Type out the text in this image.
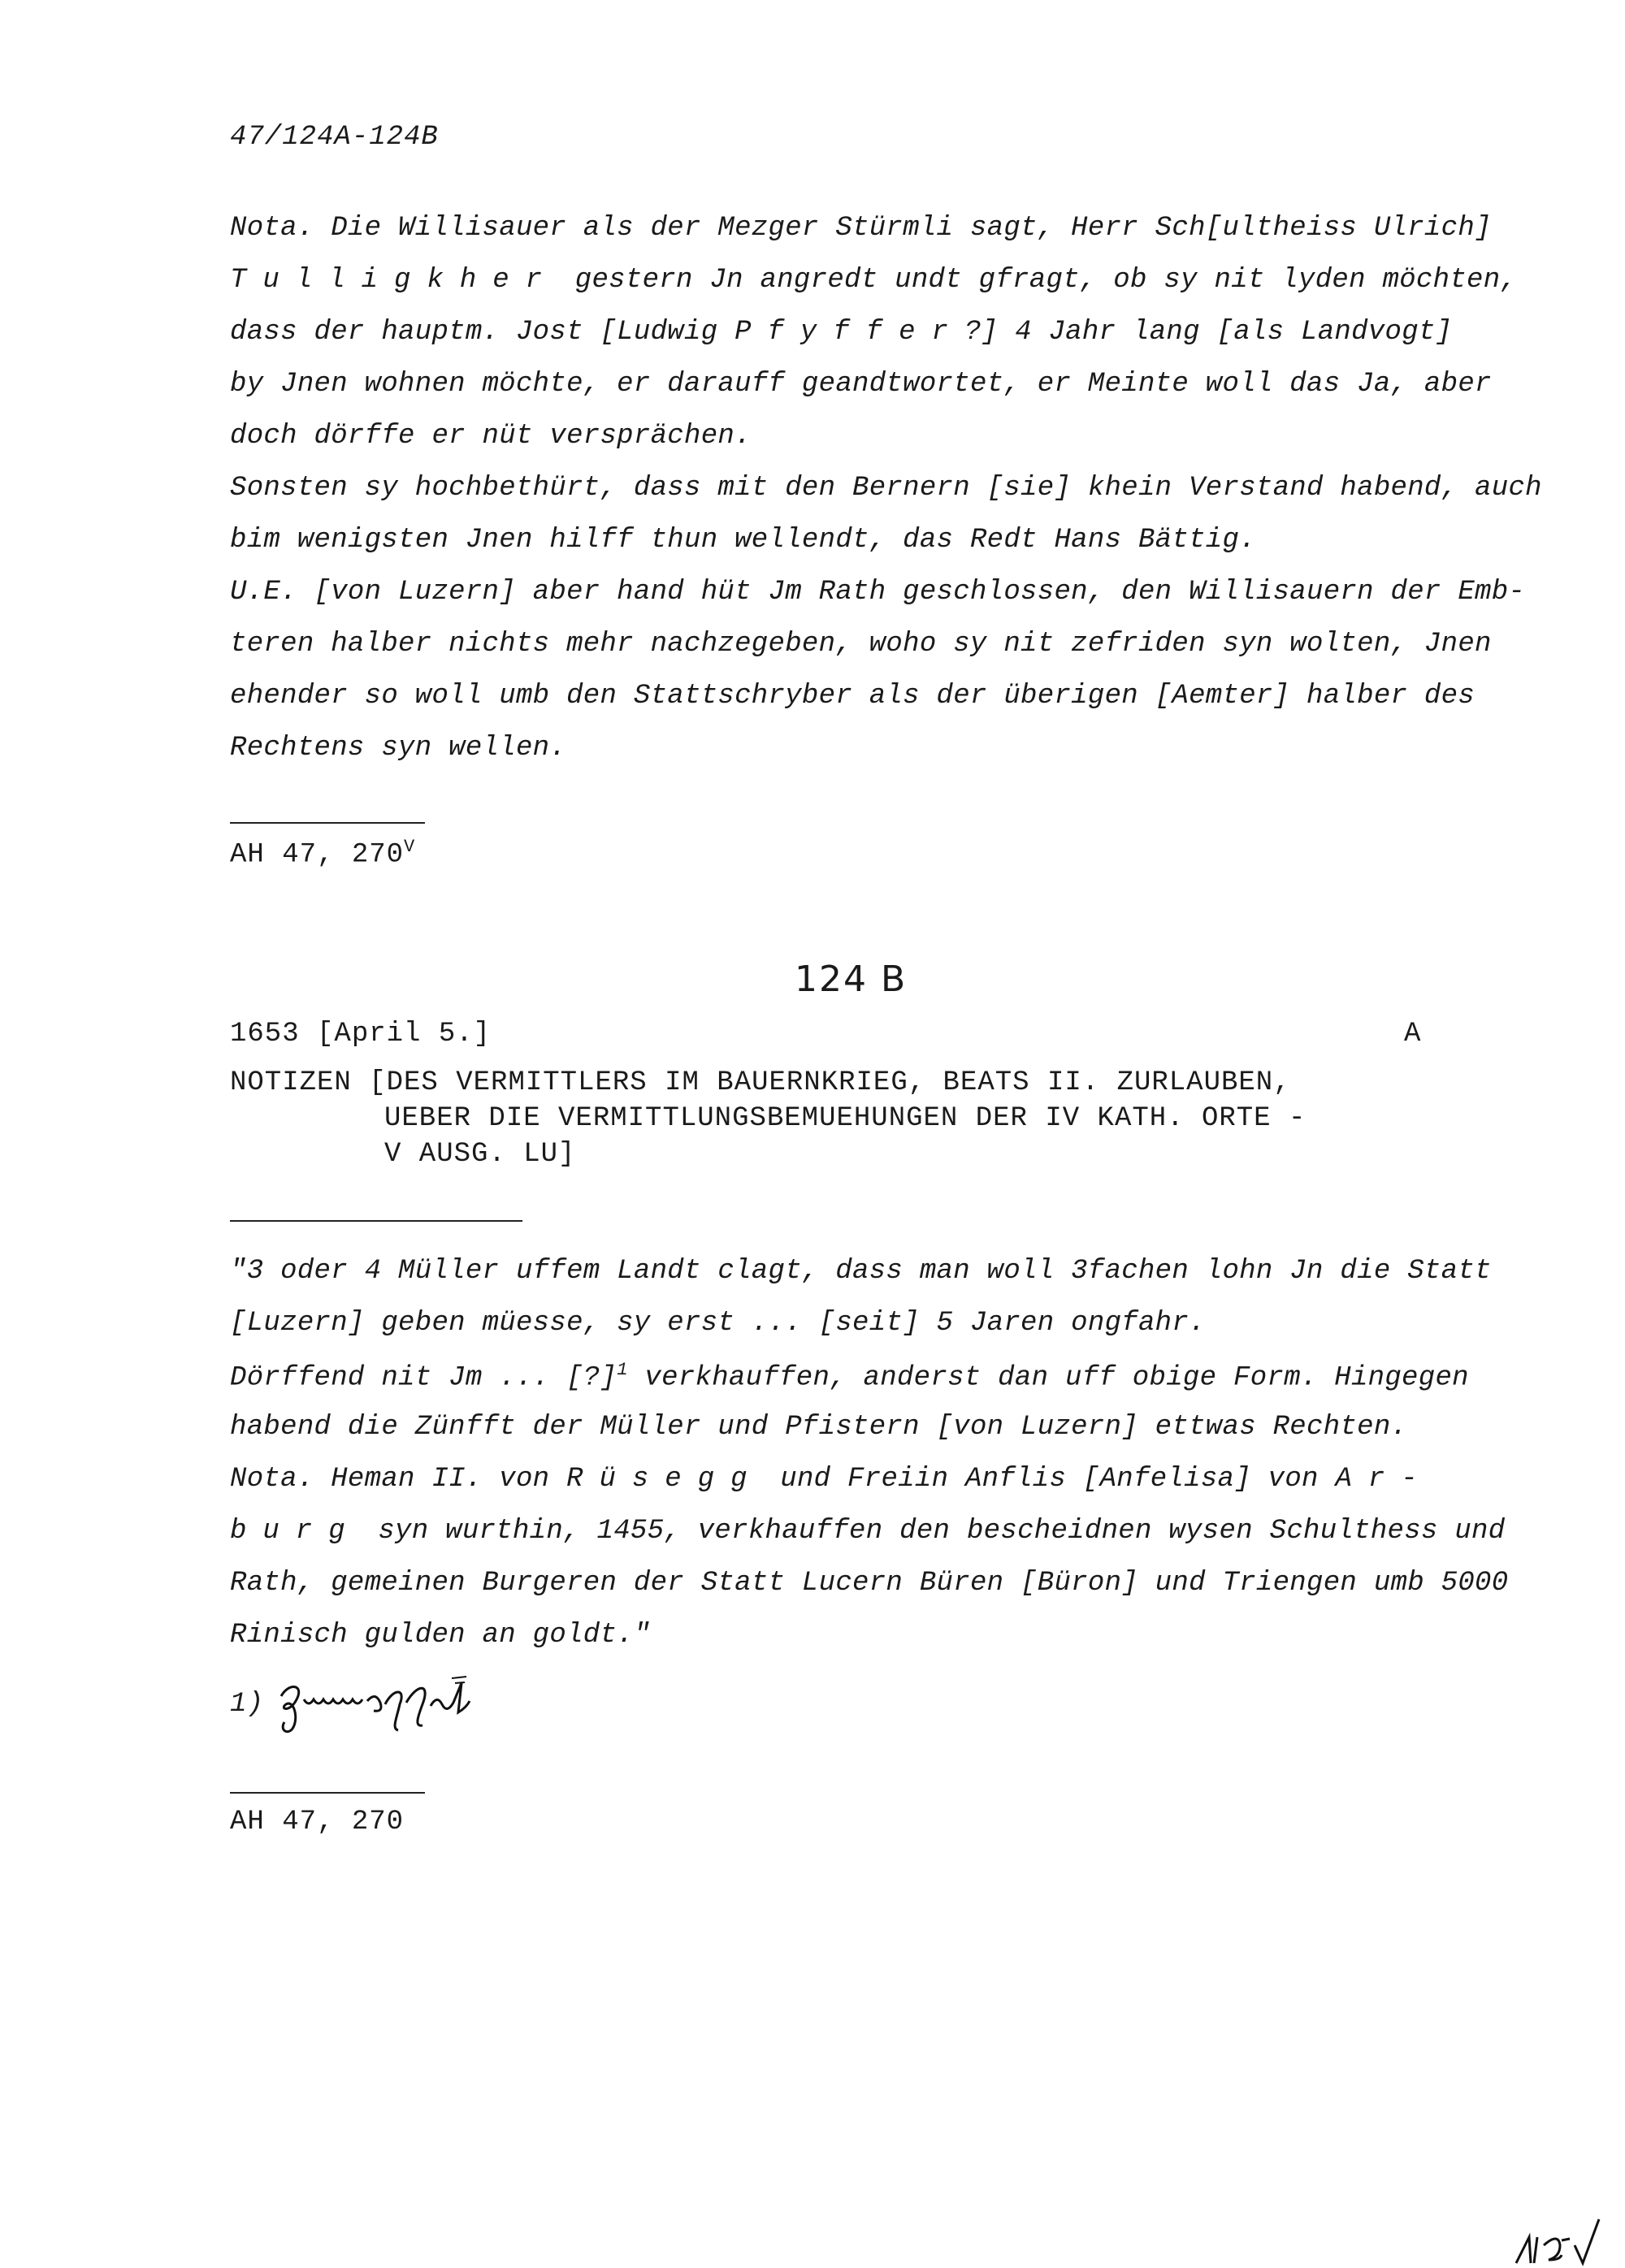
47/124A-124B
Nota. Die Willisauer als der Mezger Stürmli sagt, Herr Sch[ultheiss Ulrich]
Tulligkher gestern Jn angredt undt gfragt, ob sy nit lyden möchten,
dass der hauptm. Jost [Ludwig Pfyffer?] 4 Jahr lang [als Landvogt]
by Jnen wohnen möchte, er darauff geandtwortet, er Meinte woll das Ja, aber
doch dörffe er nüt versprächen.
Sonsten sy hochbethürt, dass mit den Bernern [sie] khein Verstand habend, auch
bim wenigsten Jnen hilff thun wellendt, das Redt Hans Bättig.
U.E. [von Luzern] aber hand hüt Jm Rath geschlossen, den Willisauern der Emb-
teren halber nichts mehr nachzegeben, woho sy nit zefriden syn wolten, Jnen
ehender so woll umb den Stattschryber als der überigen [Aemter] halber des
Rechtens syn wellen.
AH 47, $270^V$
124 B
1653 [April 5.]	A
NOTIZEN [DES VERMITTLERS IM BAUERNKRIEG, BEATS II. ZURLAUBEN,
UEBER DIE VERMITTLUNGSBEMUEHUNGEN DER IV KATH. ORTE -
V AUSG. LU]
"3 oder 4 Müller uffem Landt clagt, dass man woll 3fachen lohn Jn die Statt
[Luzern] geben müesse, sy erst ... [seit] 5 Jaren ongfahr.
Dörffend nit Jm ... [?]$^1$ verkhauffen, anderst dan uff obige Form. Hingegen
habend die Zünfft der Müller und Pfistern [von Luzern] ettwas Rechten.
Nota. Heman II. von Rüsegg und Freiin Anflis [Anfelisa] von Ar-
burg syn wurthin, 1455, verkhauffen den bescheidnen wysen Schulthess und
Rath, gemeinen Burgeren der Statt Lucern Büren [Büron] und Triengen umb 5000
Rinisch gulden an goldt."
1)
AH 47, 270
